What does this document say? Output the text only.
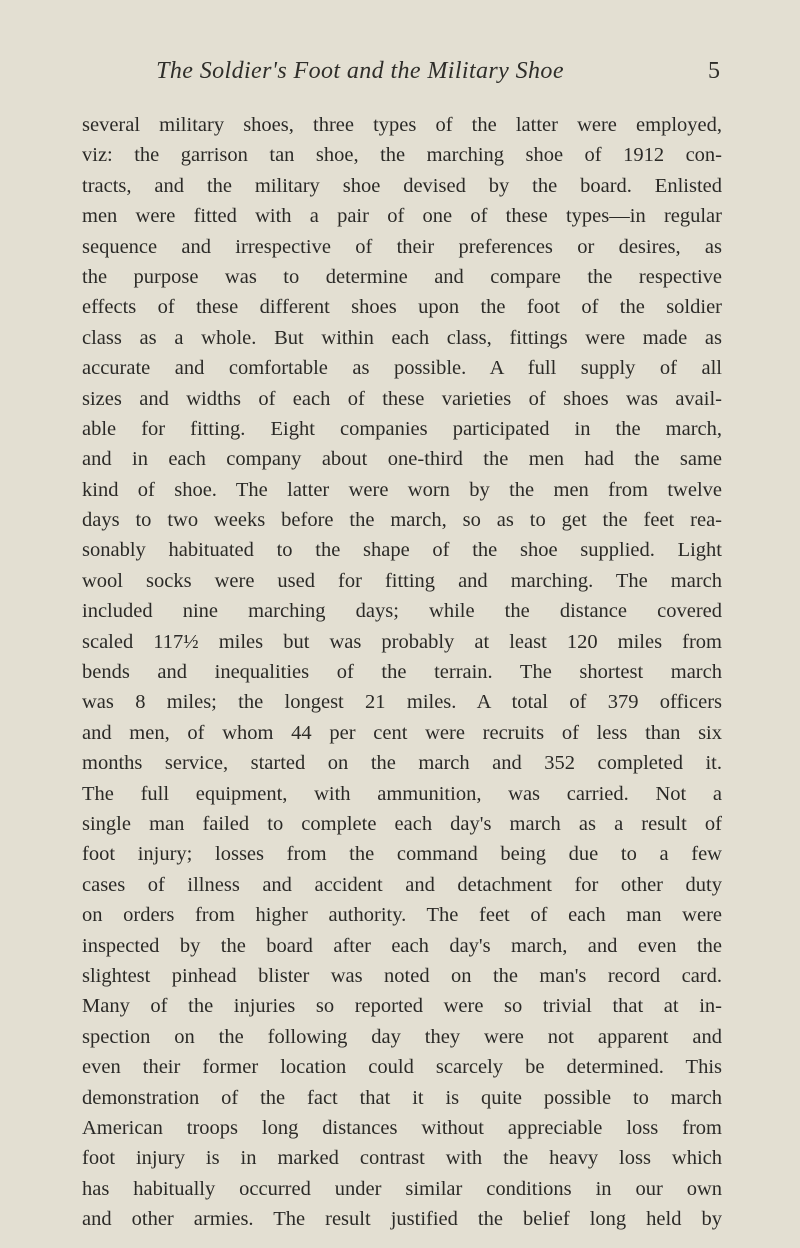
The Soldier's Foot and the Military Shoe	5
several military shoes, three types of the latter were employed,
viz: the garrison tan shoe, the marching shoe of 1912 con-
tracts, and the military shoe devised by the board. Enlisted
men were fitted with a pair of one of these types—in regular
sequence and irrespective of their preferences or desires, as
the purpose was to determine and compare the respective
effects of these different shoes upon the foot of the soldier
class as a whole. But within each class, fittings were made as
accurate and comfortable as possible. A full supply of all
sizes and widths of each of these varieties of shoes was avail-
able for fitting. Eight companies participated in the march,
and in each company about one-third the men had the same
kind of shoe. The latter were worn by the men from twelve
days to two weeks before the march, so as to get the feet rea-
sonably habituated to the shape of the shoe supplied. Light
wool socks were used for fitting and marching. The march
included nine marching days; while the distance covered
scaled 117½ miles but was probably at least 120 miles from
bends and inequalities of the terrain. The shortest march
was 8 miles; the longest 21 miles. A total of 379 officers
and men, of whom 44 per cent were recruits of less than six
months service, started on the march and 352 completed it.
The full equipment, with ammunition, was carried. Not a
single man failed to complete each day's march as a result of
foot injury; losses from the command being due to a few
cases of illness and accident and detachment for other duty
on orders from higher authority. The feet of each man were
inspected by the board after each day's march, and even the
slightest pinhead blister was noted on the man's record card.
Many of the injuries so reported were so trivial that at in-
spection on the following day they were not apparent and
even their former location could scarcely be determined. This
demonstration of the fact that it is quite possible to march
American troops long distances without appreciable loss from
foot injury is in marked contrast with the heavy loss which
has habitually occurred under similar conditions in our own
and other armies. The result justified the belief long held by
